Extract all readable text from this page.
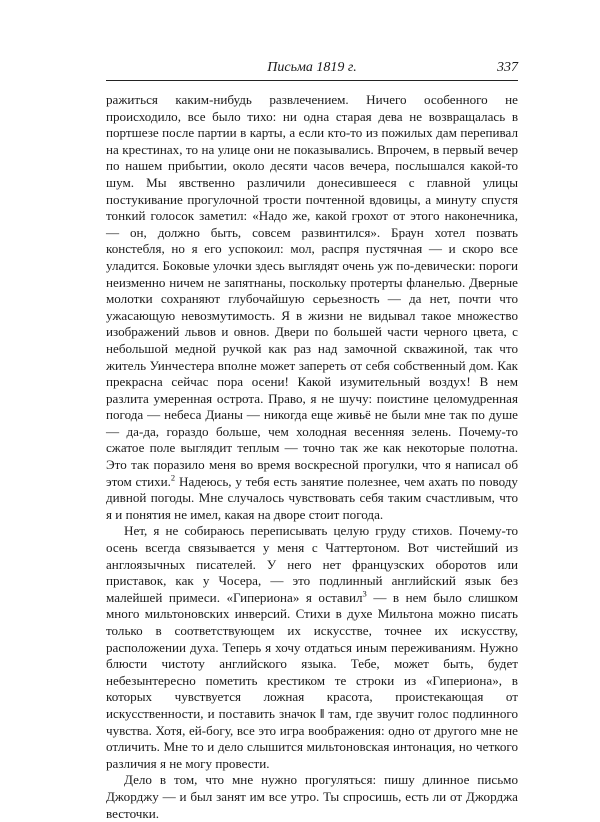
Письма 1819 г.	337

ражиться каким-нибудь развлечением. Ничего особенного не происходило, все было тихо: ни одна старая дева не возвращалась в портшезе после партии в карты, а если кто-то из пожилых дам перепивал на крестинах, то на улице они не показывались. Впрочем, в первый вечер по нашем прибытии, около десяти часов вечера, послышался какой-то шум. Мы явственно различили донесившееся с главной улицы постукивание прогулочной трости почтенной вдовицы, а минуту спустя тонкий голосок заметил: «Надо же, какой грохот от этого наконечника, — он, должно быть, совсем развинтился». Браун хотел позвать констебля, но я его успокоил: мол, распря пустячная — и скоро все уладится. Боковые улочки здесь выглядят очень уж по-девически: пороги неизменно ничем не запятнаны, поскольку протерты фланелью. Дверные молотки сохраняют глубочайшую серьезность — да нет, почти что ужасающую невозмутимость. Я в жизни не видывал такое множество изображений львов и овнов. Двери по большей части черного цвета, с небольшой медной ручкой как раз над замочной скважиной, так что житель Уинчестера вполне может запереть от себя собственный дом. Как прекрасна сейчас пора осени! Какой изумительный воздух! В нем разлита умеренная острота. Право, я не шучу: поистине целомудренная погода — небеса Дианы — никогда еще живьё не были мне так по душе — да-да, гораздо больше, чем холодная весенняя зелень. Почему-то сжатое поле выглядит теплым — точно так же как некоторые полотна. Это так поразило меня во время воскресной прогулки, что я написал об этом стихи.$^2$ Надеюсь, у тебя есть занятие полезнее, чем ахать по поводу дивной погоды. Мне случалось чувствовать себя таким счастливым, что я и понятия не имел, какая на дворе стоит погода.

Нет, я не собираюсь переписывать целую груду стихов. Почему-то осень всегда связывается у меня с Чаттертоном. Вот чистейший из англоязычных писателей. У него нет французских оборотов или приставок, как у Чосера, — это подлинный английский язык без малейшей примеси. «Гипериона» я оставил$^3$ — в нем было слишком много мильтоновских инверсий. Стихи в духе Мильтона можно писать только в соответствующем их искусстве, точнее их искусству, расположении духа. Теперь я хочу отдаться иным переживаниям. Нужно блюсти чистоту английского языка. Тебе, может быть, будет небезынтересно пометить крестиком те строки из «Гипериона», в которых чувствуется ложная красота, проистекающая от искусственности, и поставить значок ‖ там, где звучит голос подлинного чувства. Хотя, ей-богу, все это игра воображения: одно от другого мне не отличить. Мне то и дело слышится мильтоновская интонация, но четкого различия я не могу провести.

Дело в том, что мне нужно прогуляться: пишу длинное письмо Джорджу — и был занят им все утро. Ты спросишь, есть ли от Джорджа весточки.
